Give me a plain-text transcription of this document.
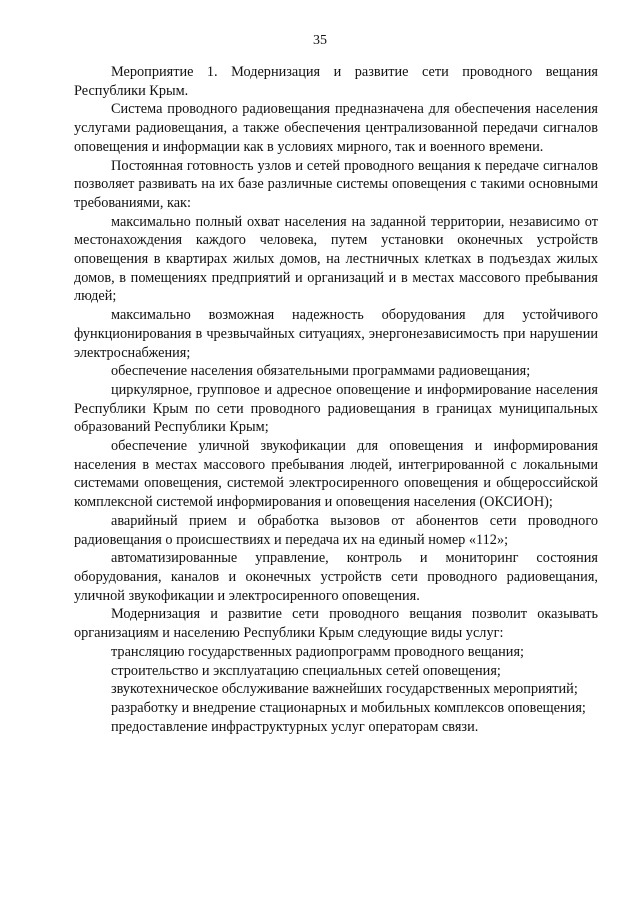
35

Мероприятие 1. Модернизация и развитие сети проводного вещания Республики Крым.

Система проводного радиовещания предназначена для обеспечения населения услугами радиовещания, а также обеспечения централизованной передачи сигналов оповещения и информации как в условиях мирного, так и военного времени.

Постоянная готовность узлов и сетей проводного вещания к передаче сигналов позволяет развивать на их базе различные системы оповещения с такими основными требованиями, как:

максимально полный охват населения на заданной территории, независимо от местонахождения каждого человека, путем установки оконечных устройств оповещения в квартирах жилых домов, на лестничных клетках в подъездах жилых домов, в помещениях предприятий и организаций и в местах массового пребывания людей;

максимально возможная надежность оборудования для устойчивого функционирования в чрезвычайных ситуациях, энергонезависимость при нарушении электроснабжения;

обеспечение населения обязательными программами радиовещания;

циркулярное, групповое и адресное оповещение и информирование населения Республики Крым по сети проводного радиовещания в границах муниципальных образований Республики Крым;

обеспечение уличной звукофикации для оповещения и информирования населения в местах массового пребывания людей, интегрированной с локальными системами оповещения, системой электросиренного оповещения и общероссийской комплексной системой информирования и оповещения населения (ОКСИОН);

аварийный прием и обработка вызовов от абонентов сети проводного радиовещания о происшествиях и передача их на единый номер «112»;

автоматизированные управление, контроль и мониторинг состояния оборудования, каналов и оконечных устройств сети проводного радиовещания, уличной звукофикации и электросиренного оповещения.

Модернизация и развитие сети проводного вещания позволит оказывать организациям и населению Республики Крым следующие виды услуг:

трансляцию государственных радиопрограмм проводного вещания;

строительство и эксплуатацию специальных сетей оповещения;

звукотехническое обслуживание важнейших государственных мероприятий;

разработку и внедрение стационарных и мобильных комплексов оповещения;

предоставление инфраструктурных услуг операторам связи.
